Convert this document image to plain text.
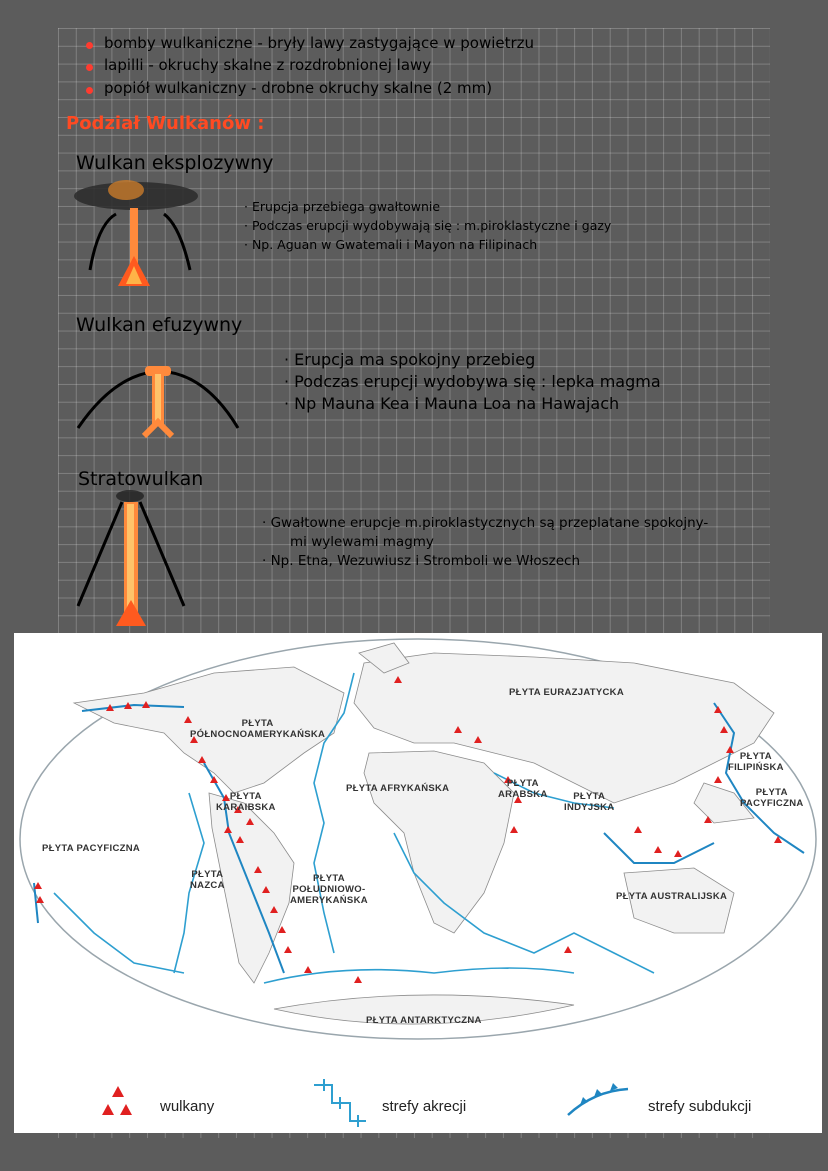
bomby wulkaniczne - bryły lawy zastygające w powietrzu
lapilli - okruchy skalne z rozdrobnionej lawy
popiół wulkaniczny - drobne okruchy skalne (2 mm)
Podział Wulkanów :
Wulkan eksplozywny
· Erupcja przebiega gwałtownie
· Podczas erupcji wydobywają się : m.piroklastyczne i gazy
· Np. Aguan w Gwatemali i Mayon na Filipinach
Wulkan efuzywny
· Erupcja ma spokojny przebieg
· Podczas erupcji wydobywa się : lepka magma
· Np Mauna Kea i Mauna Loa na Hawajach
Stratowulkan
· Gwałtowne erupcje m.piroklastycznych są przeplatane spokojny-
mi wylewami magmy
· Np. Etna, Wezuwiusz i Stromboli we Włoszech
PŁYTA EURAZJATYCKA
PŁYTA
PÓŁNOCNOAMERYKAŃSKA
PŁYTA AFRYKAŃSKA	PŁYTA
ARABSKA	PŁYTA
INDYJSKA
PŁYTA
FILIPIŃSKA
PŁYTA
PACYFICZNA
PŁYTA PACYFICZNA
PŁYTA
KARAIBSKA
PŁYTA
NAZCA
PŁYTA
POŁUDNIOWO-
AMERYKAŃSKA	PŁYTA AUSTRALIJSKA
PŁYTA ANTARKTYCZNA
wulkany	strefy akrecji	strefy subdukcji
